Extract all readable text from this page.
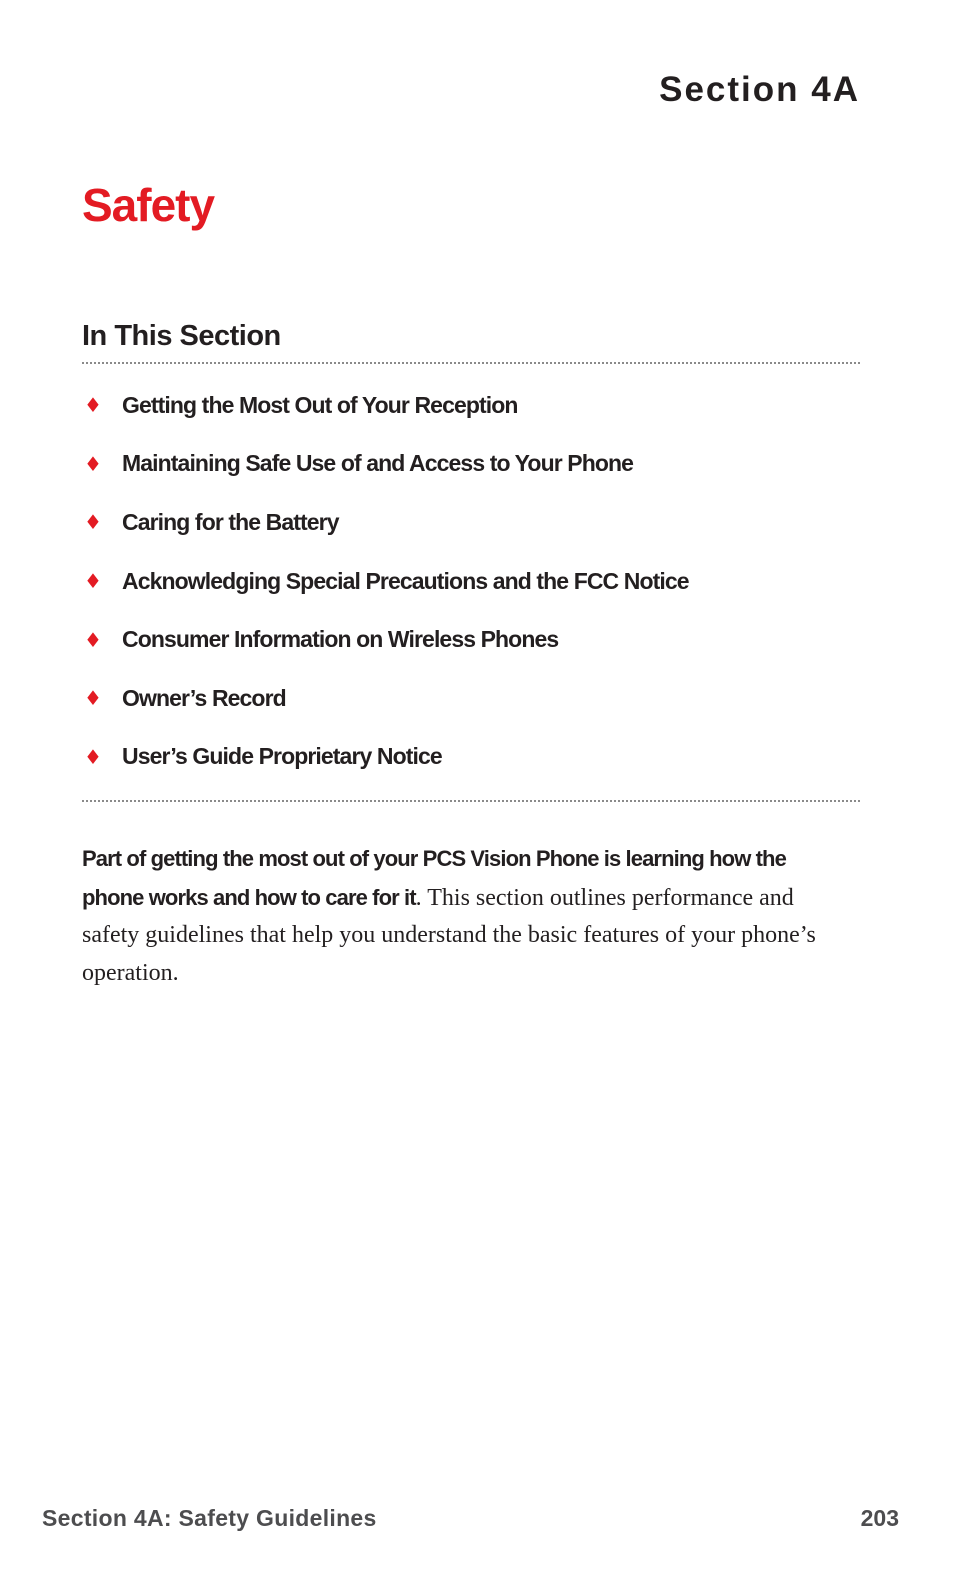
Section 4A
Safety
In This Section
♦ Getting the Most Out of Your Reception
♦ Maintaining Safe Use of and Access to Your Phone
♦ Caring for the Battery
♦ Acknowledging Special Precautions and the FCC Notice
♦ Consumer Information on Wireless Phones
♦ Owner’s Record
♦ User’s Guide Proprietary Notice

Part of getting the most out of your PCS Vision Phone is learning how the phone works and how to care for it. This section outlines performance and safety guidelines that help you understand the basic features of your phone’s operation.

Section 4A: Safety Guidelines	203
